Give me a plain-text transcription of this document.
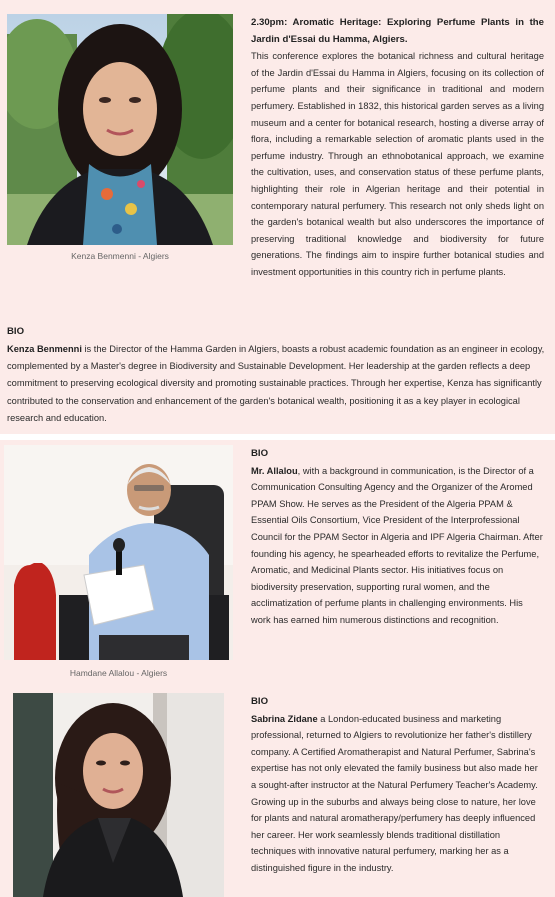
Kenza Benmenni - Algiers
2.30pm: Aromatic Heritage: Exploring Perfume Plants in the Jardin d'Essai du Hamma, Algiers.
This conference explores the botanical richness and cultural heritage of the Jardin d'Essai du Hamma in Algiers, focusing on its collection of perfume plants and their significance in traditional and modern perfumery. Established in 1832, this historical garden serves as a living museum and a center for botanical research, hosting a diverse array of flora, including a remarkable selection of aromatic plants used in the perfume industry. Through an ethnobotanical approach, we examine the cultivation, uses, and conservation status of these perfume plants, highlighting their role in Algerian heritage and their potential in contemporary natural perfumery. This research not only sheds light on the garden's botanical wealth but also underscores the importance of preserving traditional knowledge and biodiversity for future generations. The findings aim to inspire further botanical studies and investment opportunities in this country rich in perfume plants.
BIO
Kenza Benmenni is the Director of the Hamma Garden in Algiers, boasts a robust academic foundation as an engineer in ecology, complemented by a Master's degree in Biodiversity and Sustainable Development. Her leadership at the garden reflects a deep commitment to preserving ecological diversity and promoting sustainable practices. Through her expertise, Kenza has significantly contributed to the conservation and enhancement of the garden's botanical wealth, positioning it as a key player in ecological research and education.
Hamdane Allalou - Algiers
BIO
Mr. Allalou, with a background in communication, is the Director of a Communication Consulting Agency and the Organizer of the Aromed PPAM Show. He serves as the President of the Algeria PPAM & Essential Oils Consortium, Vice President of the Interprofessional Council for the PPAM Sector in Algeria and IPF Algeria Chairman. After founding his agency, he spearheaded efforts to revitalize the Perfume, Aromatic, and Medicinal Plants sector. His initiatives focus on biodiversity preservation, supporting rural women, and the acclimatization of perfume plants in challenging environments. His work has earned him numerous distinctions and recognition.
BIO
Sabrina Zidane a London-educated business and marketing professional, returned to Algiers to revolutionize her father's distillery company. A Certified Aromatherapist and Natural Perfumer, Sabrina's expertise has not only elevated the family business but also made her a sought-after instructor at the Natural Perfumery Teacher's Academy. Growing up in the suburbs and always being close to nature, her love for plants and natural aromatherapy/perfumery has deeply influenced her career. Her work seamlessly blends traditional distillation techniques with innovative natural perfumery, marking her as a distinguished figure in the industry.
